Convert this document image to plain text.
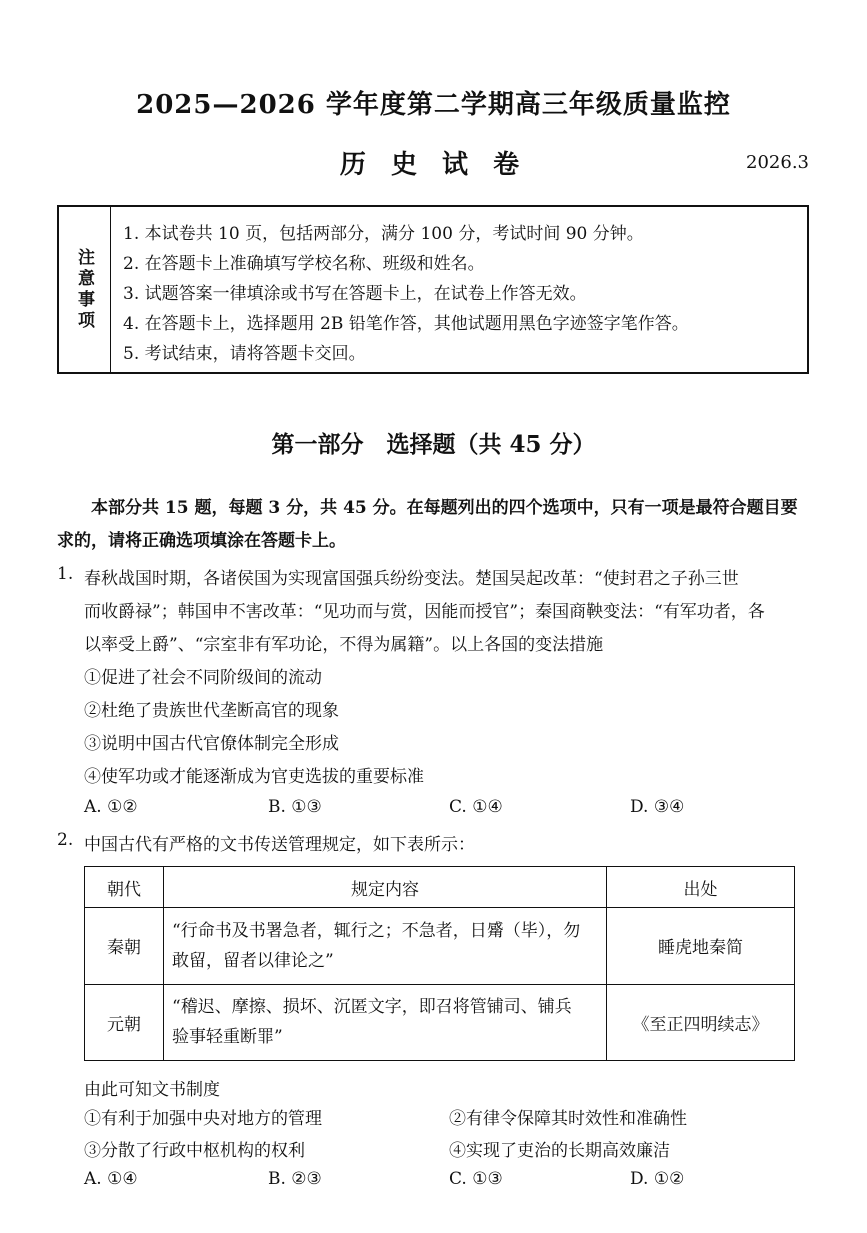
2025—2026 学年度第二学期高三年级质量监控
历 史 试 卷	2026.3
注意事项
1. 本试卷共 10 页，包括两部分，满分 100 分，考试时间 90 分钟。
2. 在答题卡上准确填写学校名称、班级和姓名。
3. 试题答案一律填涂或书写在答题卡上，在试卷上作答无效。
4. 在答题卡上，选择题用 2B 铅笔作答，其他试题用黑色字迹签字笔作答。
5. 考试结束，请将答题卡交回。
第一部分　选择题（共 45 分）
本部分共 15 题，每题 3 分，共 45 分。在每题列出的四个选项中，只有一项是最符合题目要求的，请将正确选项填涂在答题卡上。
1. 春秋战国时期，各诸侯国为实现富国强兵纷纷变法。楚国吴起改革：“使封君之子孙三世
而收爵禄”；韩国申不害改革：“见功而与赏，因能而授官”；秦国商鞅变法：“有军功者，各
以率受上爵”、“宗室非有军功论，不得为属籍”。以上各国的变法措施
①促进了社会不同阶级间的流动
②杜绝了贵族世代垄断高官的现象
③说明中国古代官僚体制完全形成
④使军功或才能逐渐成为官吏选拔的重要标准
A. ①②	B. ①③	C. ①④	D. ③④
2. 中国古代有严格的文书传送管理规定，如下表所示：
朝代	规定内容	出处
秦朝	“行命书及书署急者，辄行之；不急者，日觱（毕），勿
敢留，留者以律论之”	睡虎地秦简
元朝	“稽迟、摩擦、损坏、沉匿文字，即召将管铺司、铺兵
验事轻重断罪”	《至正四明续志》
由此可知文书制度
①有利于加强中央对地方的管理	②有律令保障其时效性和准确性
③分散了行政中枢机构的权利	④实现了吏治的长期高效廉洁
A. ①④	B. ②③	C. ①③	D. ①②
